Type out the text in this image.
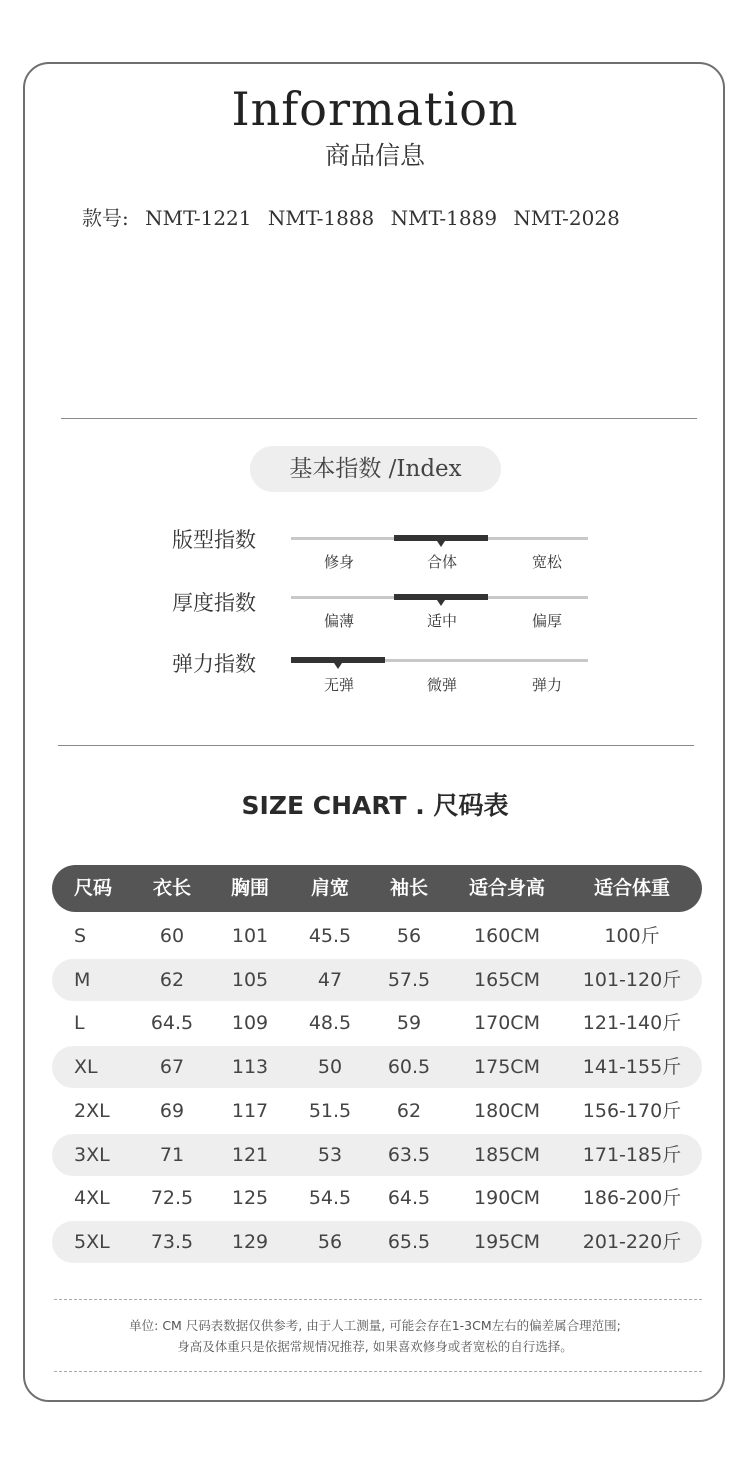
Information
商品信息
款号: NMT-1221 NMT-1888 NMT-1889 NMT-2028
基本指数 /Index
版型指数
修身	合体	宽松
厚度指数
偏薄	适中	偏厚
弹力指数
无弹	微弹	弹力
SIZE CHART . 尺码表
尺码	衣长	胸围	肩宽	袖长	适合身高	适合体重
S	60	101	45.5	56	160CM	100斤
M	62	105	47	57.5	165CM	101-120斤
L	64.5	109	48.5	59	170CM	121-140斤
XL	67	113	50	60.5	175CM	141-155斤
2XL	69	117	51.5	62	180CM	156-170斤
3XL	71	121	53	63.5	185CM	171-185斤
4XL	72.5	125	54.5	64.5	190CM	186-200斤
5XL	73.5	129	56	65.5	195CM	201-220斤
单位: CM 尺码表数据仅供参考, 由于人工测量, 可能会存在1-3CM左右的偏差属合理范围;
身高及体重只是依据常规情况推荐, 如果喜欢修身或者宽松的自行选择。
